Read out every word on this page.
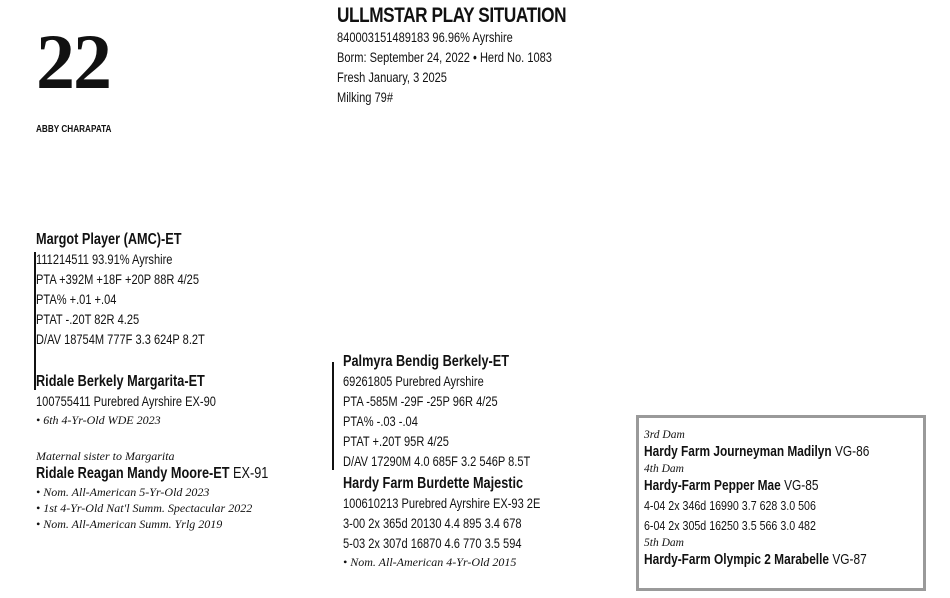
22
ABBY CHARAPATA
ULLMSTAR PLAY SITUATION
840003151489183 96.96% Ayrshire
Borm: September 24, 2022 • Herd No. 1083
Fresh January, 3 2025
Milking 79#
Margot Player (AMC)-ET
111214511 93.91% Ayrshire
PTA +392M +18F +20P 88R 4/25
PTA% +.01 +.04
PTAT -.20T 82R 4.25
D/AV 18754M 777F 3.3 624P 8.2T
Ridale Berkely Margarita-ET
100755411 Purebred Ayrshire EX-90
• 6th 4-Yr-Old WDE 2023
Maternal sister to Margarita
Ridale Reagan Mandy Moore-ET EX-91
• Nom. All-American 5-Yr-Old 2023
• 1st 4-Yr-Old Nat'l Summ. Spectacular 2022
• Nom. All-American Summ. Yrlg 2019
Palmyra Bendig Berkely-ET
69261805 Purebred Ayrshire
PTA -585M -29F -25P 96R 4/25
PTA% -.03 -.04
PTAT +.20T 95R 4/25
D/AV 17290M 4.0 685F 3.2 546P 8.5T
Hardy Farm Burdette Majestic
100610213 Purebred Ayrshire EX-93 2E
3-00 2x 365d 20130 4.4 895 3.4 678
5-03 2x 307d 16870 4.6 770 3.5 594
• Nom. All-American 4-Yr-Old 2015
3rd Dam
Hardy Farm Journeyman Madilyn VG-86
4th Dam
Hardy-Farm Pepper Mae VG-85
4-04 2x 346d 16990 3.7 628 3.0 506
6-04 2x 305d 16250 3.5 566 3.0 482
5th Dam
Hardy-Farm Olympic 2 Marabelle VG-87
